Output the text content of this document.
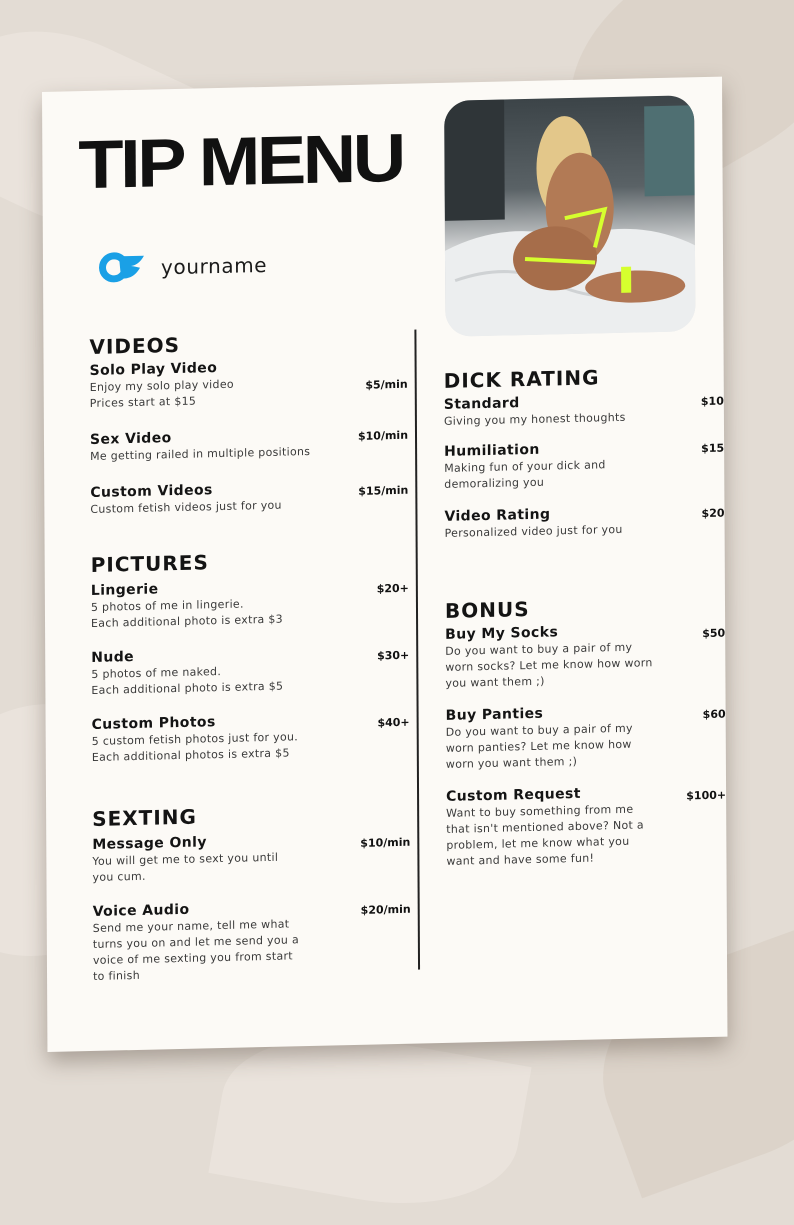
TIP MENU
yourname
VIDEOS
Solo Play Video
Enjoy my solo play video
Prices start at $15
$5/min
Sex Video
Me getting railed in multiple positions
$10/min
Custom Videos
Custom fetish videos just for you
$15/min
PICTURES
Lingerie
5 photos of me in lingerie.
Each additional photo is extra $3
$20+
Nude
5 photos of me naked.
Each additional photo is extra $5
$30+
Custom Photos
5 custom fetish photos just for you.
Each additional photos is extra $5
$40+
SEXTING
Message Only
You will get me to sext you until you cum.
$10/min
Voice Audio
Send me your name, tell me what turns you on and let me send you a voice of me sexting you from start to finish
$20/min
DICK RATING
Standard
Giving you my honest thoughts
$10
Humiliation
Making fun of your dick and demoralizing you
$15
Video Rating
Personalized video just for you
$20
BONUS
Buy My Socks
Do you want to buy a pair of my worn socks? Let me know how worn you want them ;)
$50
Buy Panties
Do you want to buy a pair of my worn panties? Let me know how worn you want them ;)
$60
Custom Request
Want to buy something from me that isn't mentioned above? Not a problem, let me know what you want and have some fun!
$100+
